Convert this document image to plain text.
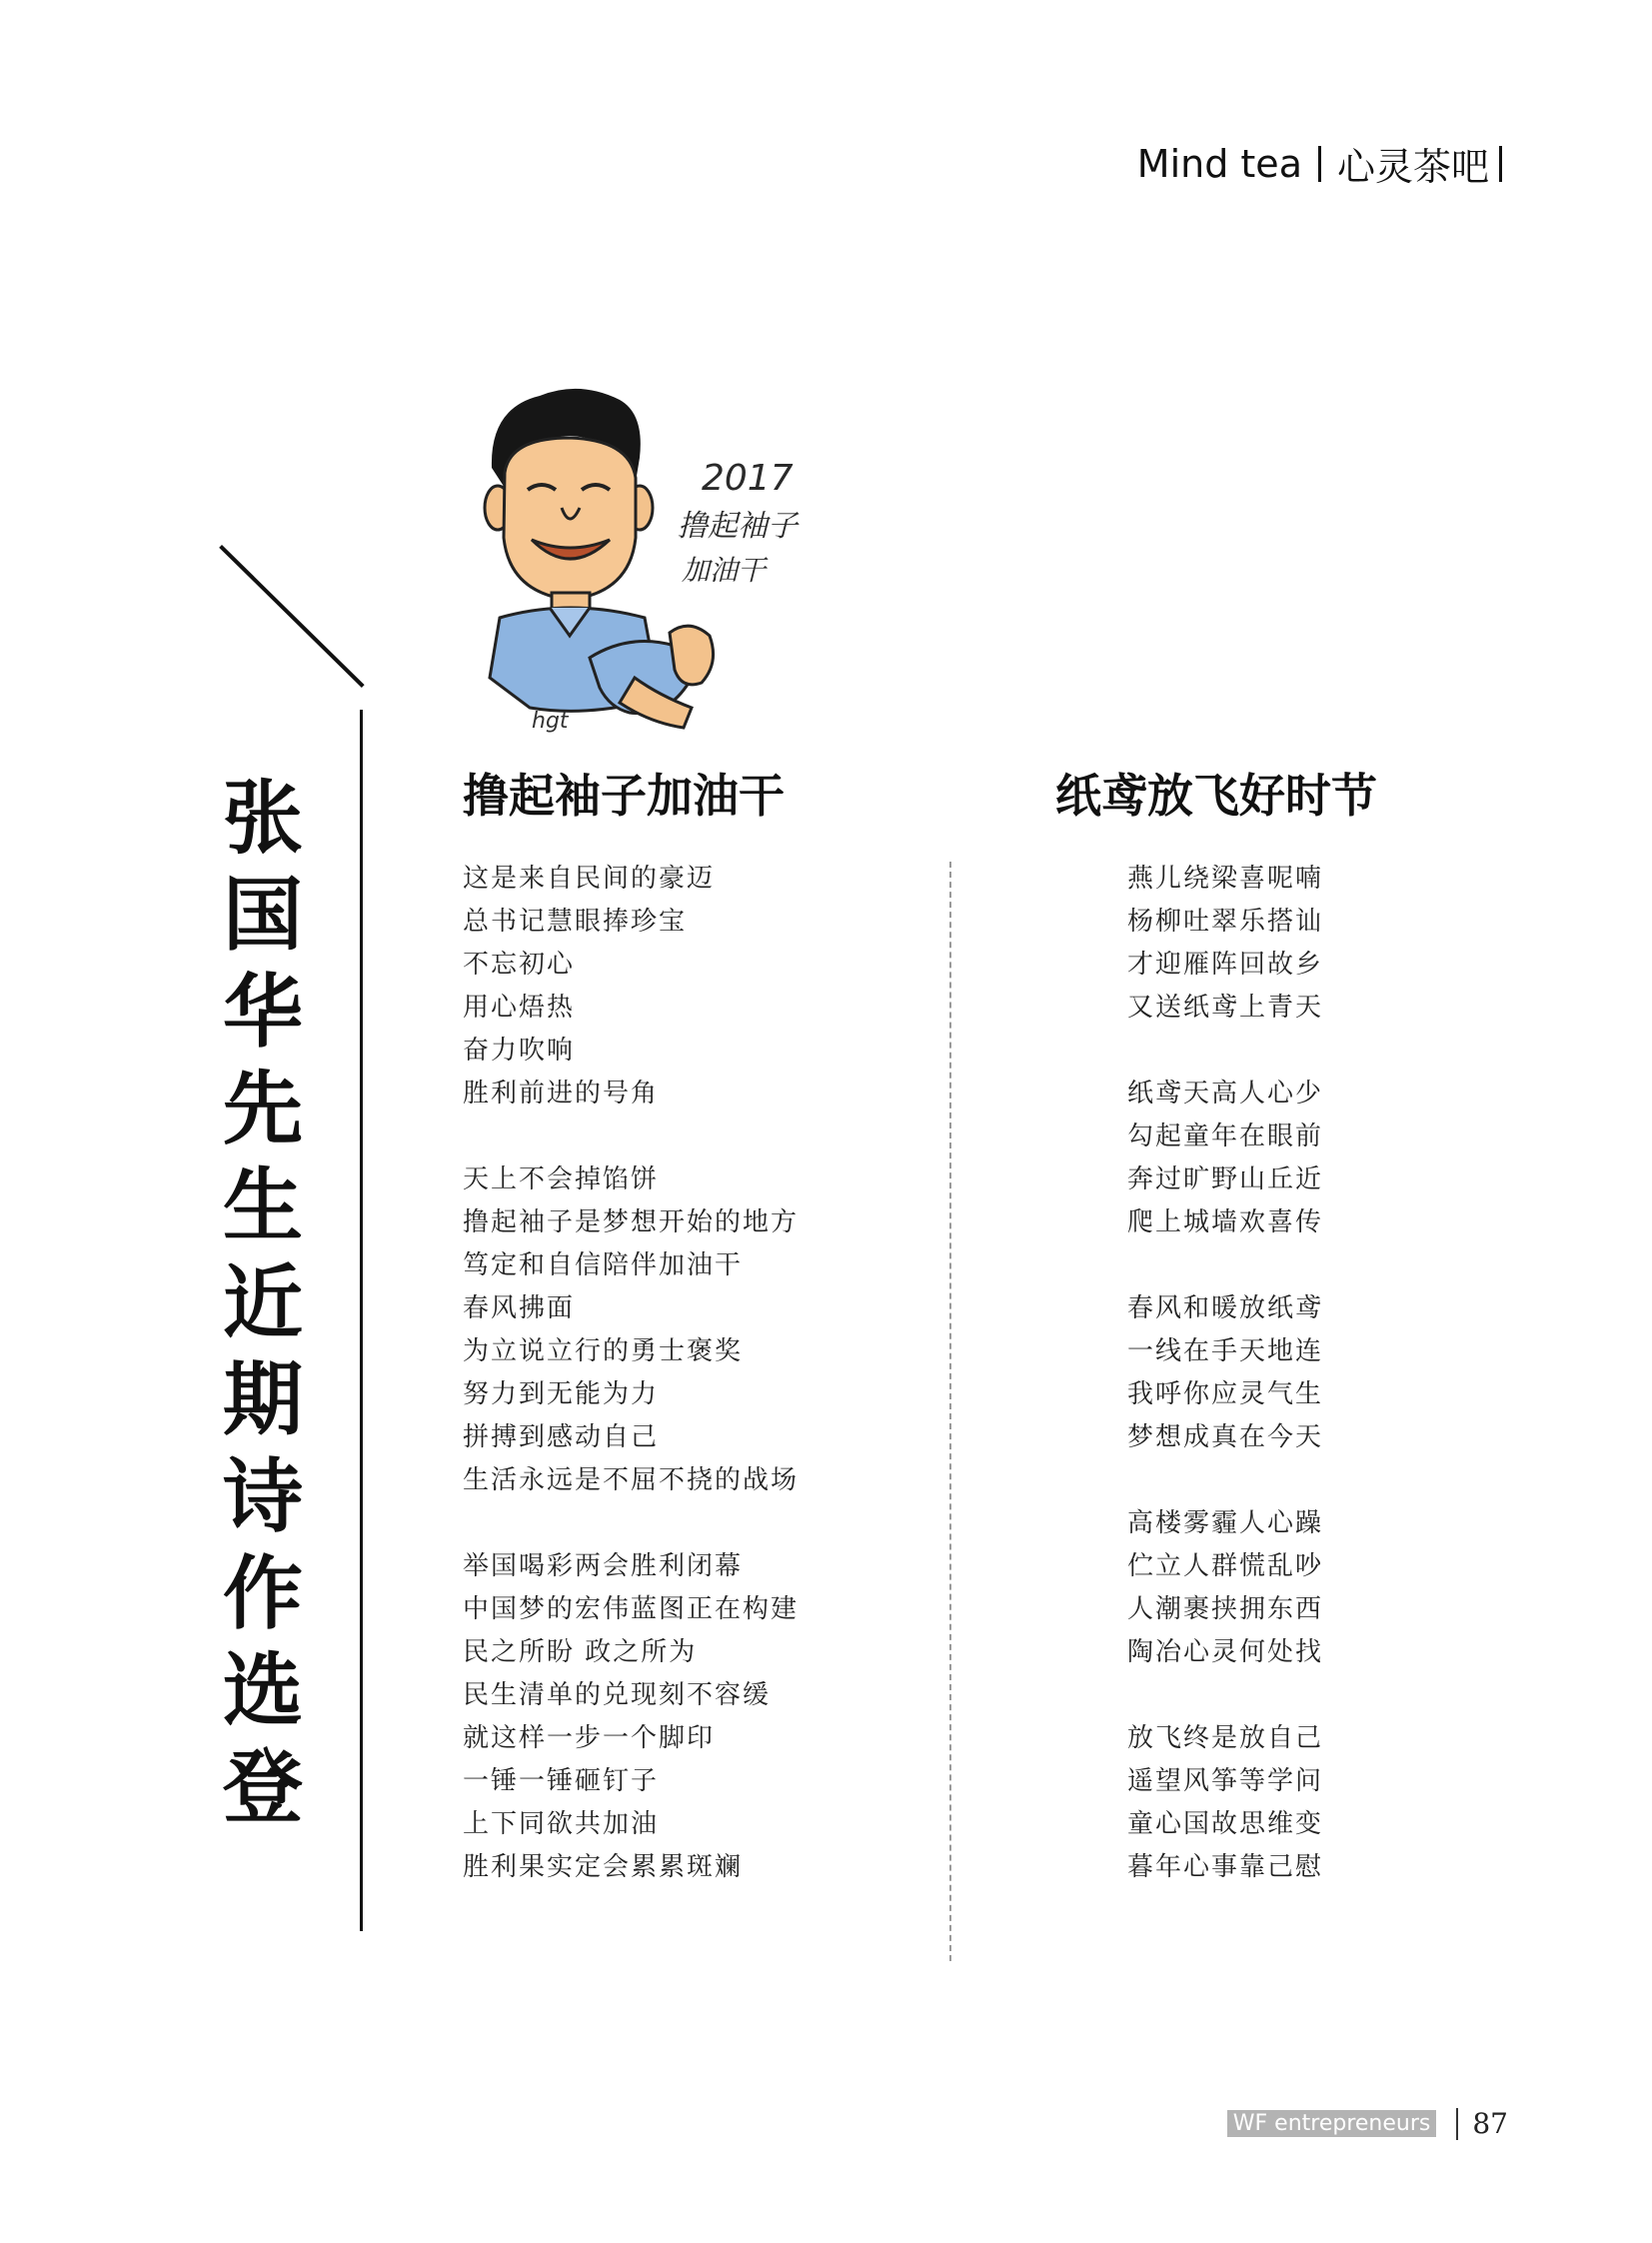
Mind tea 心灵茶吧
张国华先生近期诗作选登
hgt
2017
撸起袖子
加油干
撸起袖子加油干	纸鸢放飞好时节
这是来自民间的豪迈
总书记慧眼捧珍宝
不忘初心
用心焐热
奋力吹响
胜利前进的号角
天上不会掉馅饼
撸起袖子是梦想开始的地方
笃定和自信陪伴加油干
春风拂面
为立说立行的勇士褒奖
努力到无能为力
拼搏到感动自己
生活永远是不屈不挠的战场
举国喝彩两会胜利闭幕
中国梦的宏伟蓝图正在构建
民之所盼 政之所为
民生清单的兑现刻不容缓
就这样一步一个脚印
一锤一锤砸钉子
上下同欲共加油
胜利果实定会累累斑斓
燕儿绕梁喜呢喃
杨柳吐翠乐搭讪
才迎雁阵回故乡
又送纸鸢上青天
纸鸢天高人心少
勾起童年在眼前
奔过旷野山丘近
爬上城墙欢喜传
春风和暖放纸鸢
一线在手天地连
我呼你应灵气生
梦想成真在今天
高楼雾霾人心躁
伫立人群慌乱吵
人潮裹挟拥东西
陶冶心灵何处找
放飞终是放自己
遥望风筝等学问
童心国故思维变
暮年心事靠己慰
WF entrepreneurs 87
